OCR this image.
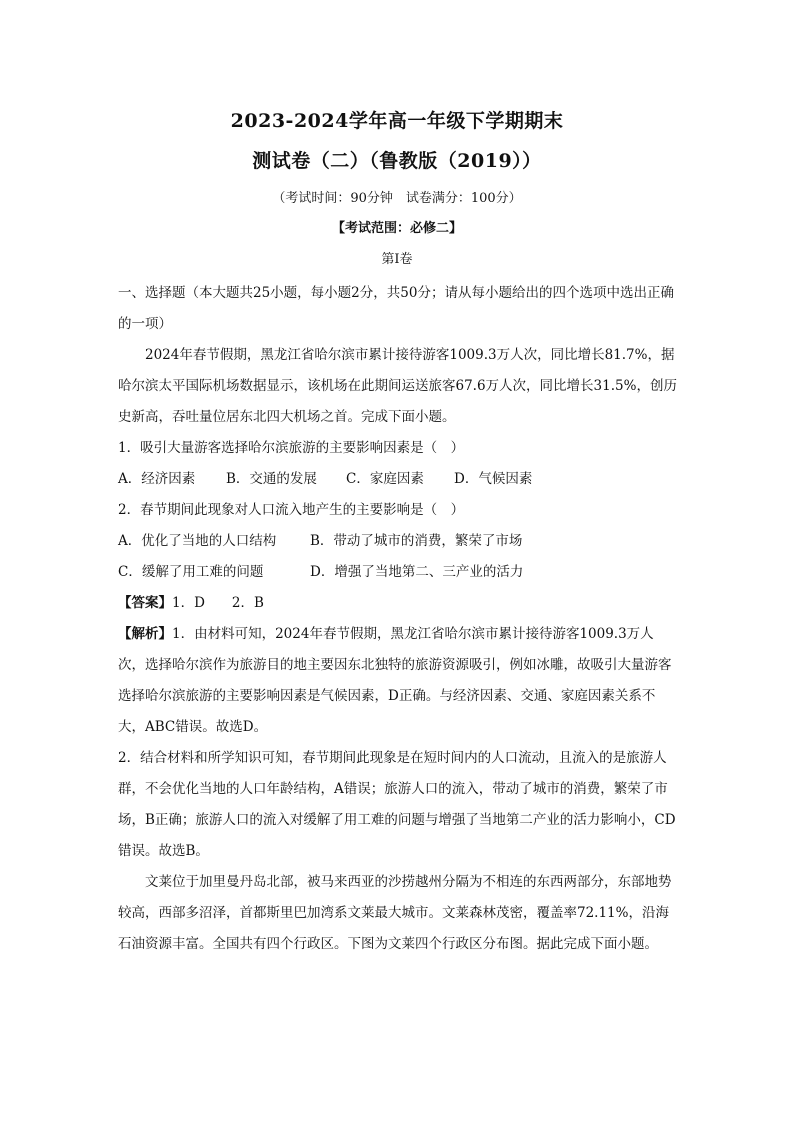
2023-2024学年高一年级下学期期末
测试卷（二）（鲁教版（2019））
（考试时间：90分钟　试卷满分：100分）
【考试范围：必修二】
第Ⅰ卷

一、选择题（本大题共25小题，每小题2分，共50分；请从每小题给出的四个选项中选出正确的一项）

2024年春节假期，黑龙江省哈尔滨市累计接待游客1009.3万人次，同比增长81.7%，据哈尔滨太平国际机场数据显示，该机场在此期间运送旅客67.6万人次，同比增长31.5%，创历史新高，吞吐量位居东北四大机场之首。完成下面小题。

1．吸引大量游客选择哈尔滨旅游的主要影响因素是（　）

A．经济因素 B．交通的发展 C．家庭因素 D．气候因素

2．春节期间此现象对人口流入地产生的主要影响是（　）

A．优化了当地的人口结构	B．带动了城市的消费，繁荣了市场

C．缓解了用工难的问题	D．增强了当地第二、三产业的活力

【答案】1．D　　2．B

【解析】1．由材料可知，2024年春节假期，黑龙江省哈尔滨市累计接待游客1009.3万人次，选择哈尔滨作为旅游目的地主要因东北独特的旅游资源吸引，例如冰雕，故吸引大量游客选择哈尔滨旅游的主要影响因素是气候因素，D正确。与经济因素、交通、家庭因素关系不大，ABC错误。故选D。

2．结合材料和所学知识可知，春节期间此现象是在短时间内的人口流动，且流入的是旅游人群，不会优化当地的人口年龄结构，A错误；旅游人口的流入，带动了城市的消费，繁荣了市场，B正确；旅游人口的流入对缓解了用工难的问题与增强了当地第二产业的活力影响小，CD错误。故选B。

文莱位于加里曼丹岛北部，被马来西亚的沙捞越州分隔为不相连的东西两部分，东部地势较高，西部多沼泽，首都斯里巴加湾系文莱最大城市。文莱森林茂密，覆盖率72.11%，沿海石油资源丰富。全国共有四个行政区。下图为文莱四个行政区分布图。据此完成下面小题。
